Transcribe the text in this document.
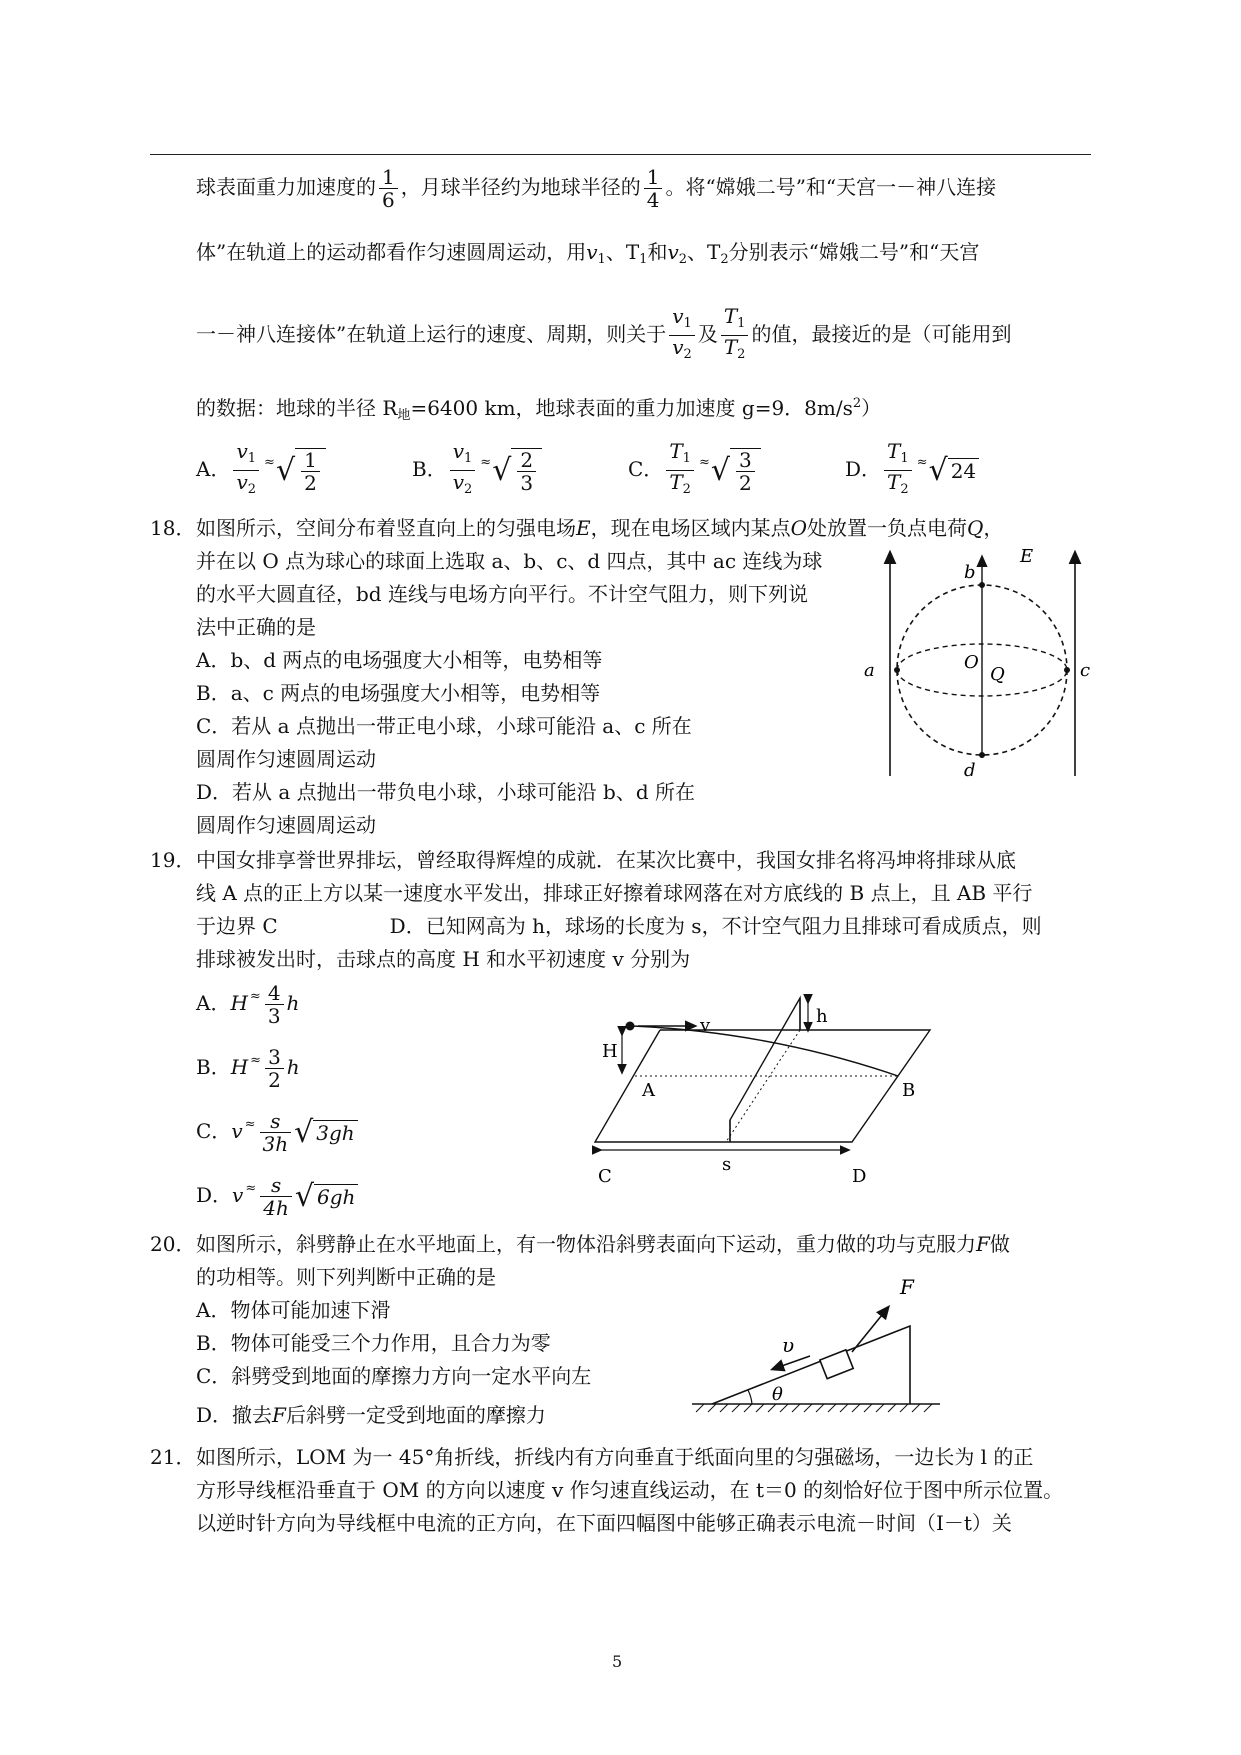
球表面重力加速度的 $\frac{1}{6}$ ，月球半径约为地球半径的 $\frac{1}{4}$ 。将“嫦娥二号”和“天宫一－神八连接
体”在轨道上的运动都看作匀速圆周运动，用$v_1$、$T_1$和$v_2$、$T_2$分别表示“嫦娥二号”和“天宫
一－神八连接体”在轨道上运行的速度、周期，则关于 $\frac{v_1}{v_2}$ 及 $\frac{T_1}{T_2}$ 的值，最接近的是（可能用到
的数据：地球的半径 $R_地=6400$ km，地球表面的重力加速度 g=9．$8m/s^2$）
A． $\frac{v_1}{v_2} ^\approx√ \frac{1}{2}$	B． $\frac{v_1}{v_2} ^\approx√ \frac{2}{3}$	C． $\frac{T_1}{T_2} ^\approx√ \frac{3}{2}$	D． $\frac{T_1}{T_2} ^\approx√$ 24
18． 如图所示，空间分布着竖直向上的匀强电场E，现在电场区域内某点O处放置一负点电荷Q，
并在以 O 点为球心的球面上选取 a、b、c、d 四点，其中 ac 连线为球
的水平大圆直径，bd 连线与电场方向平行。不计空气阻力，则下列说
法中正确的是
A．b、d 两点的电场强度大小相等，电势相等
B．a、c 两点的电场强度大小相等，电势相等
C．若从 a 点抛出一带正电小球，小球可能沿 a、c 所在
圆周作匀速圆周运动
D．若从 a 点抛出一带负电小球，小球可能沿 b、d 所在
圆周作匀速圆周运动
E
b
a	O
Q	c
d
19． 中国女排享誉世界排坛，曾经取得辉煌的成就．在某次比赛中，我国女排名将冯坤将排球从底
线 A 点的正上方以某一速度水平发出，排球正好擦着球网落在对方底线的 B 点上，且 AB 平行
于边界 C	D．已知网高为 h，球场的长度为 s，不计空气阻力且排球可看成质点，则
排球被发出时，击球点的高度 H 和水平初速度 v 分别为
A．H $^\approx \frac{4}{3}$ h
B．H $^\approx \frac{3}{2}$ h
C．v $^\approx \frac{s}{3h}$ √ 3gh
D．v $^\approx \frac{s}{4h}$ √ 6gh
v
H
h
A	B
C
s
D
20． 如图所示，斜劈静止在水平地面上，有一物体沿斜劈表面向下运动，重力做的功与克服力F做
的功相等。则下列判断中正确的是
A．物体可能加速下滑
B．物体可能受三个力作用，且合力为零
C．斜劈受到地面的摩擦力方向一定水平向左
D．撤去F后斜劈一定受到地面的摩擦力
θ
F
υ
21． 如图所示，LOM 为一 45°角折线，折线内有方向垂直于纸面向里的匀强磁场，一边长为 l 的正
方形导线框沿垂直于 OM 的方向以速度 v 作匀速直线运动，在 t＝0 的刻恰好位于图中所示位置。
以逆时针方向为导线框中电流的正方向，在下面四幅图中能够正确表示电流－时间（I－t）关
5
